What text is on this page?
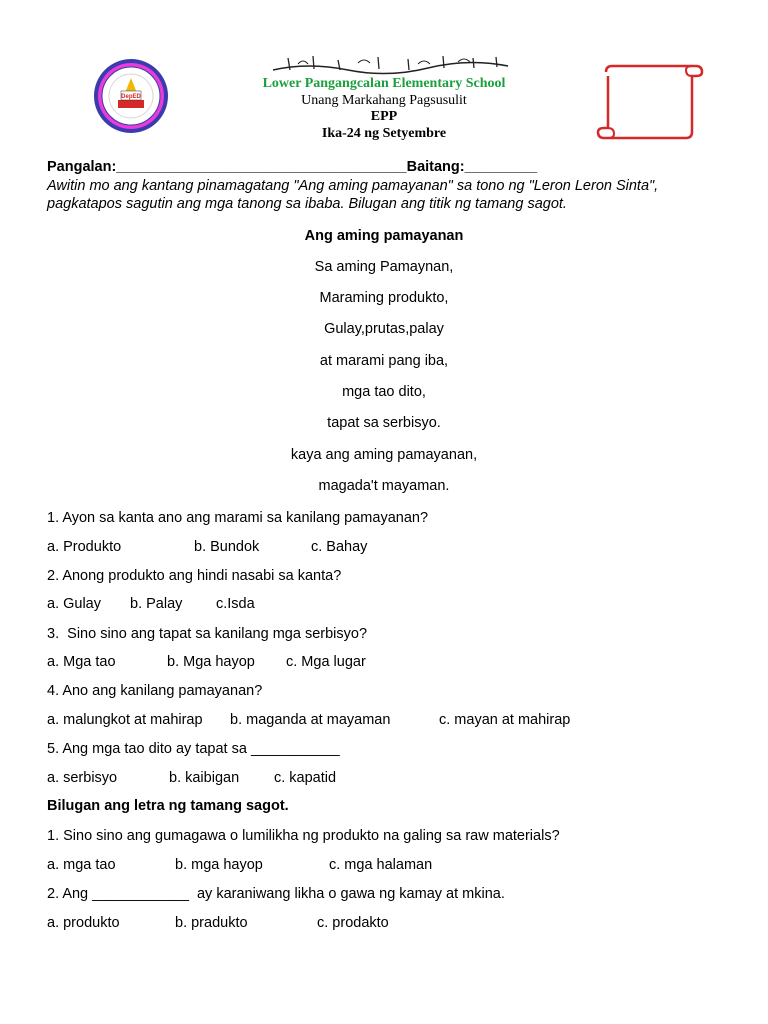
DepED
Lower Pangangcalan Elementary School
Unang Markahang Pagsusulit
EPP
Ika-24 ng Setyembre
Pangalan:____________________________________Baitang:_________
Awitin mo ang kantang pinamagatang "Ang aming pamayanan" sa tono ng "Leron Leron Sinta",
pagkatapos sagutin ang mga tanong sa ibaba. Bilugan ang titik ng tamang sagot.
Ang aming pamayanan
Sa aming Pamaynan,
Maraming produkto,
Gulay,prutas,palay
at marami pang iba,
mga tao dito,
tapat sa serbisyo.
kaya ang aming pamayanan,
magada't mayaman.
1. Ayon sa kanta ano ang marami sa kanilang pamayanan?
a. Produkto	b. Bundok	c. Bahay
2. Anong produkto ang hindi nasabi sa kanta?
a. Gulay b. Palay c.Isda
3.  Sino sino ang tapat sa kanilang mga serbisyo?
a. Mga tao	b. Mga hayop c. Mga lugar
4. Ano ang kanilang pamayanan?
a. malungkot at mahirap b. maganda at mayaman	c. mayan at mahirap
5. Ang mga tao dito ay tapat sa ___________
a. serbisyo	b. kaibigan c. kapatid
Bilugan ang letra ng tamang sagot.
1. Sino sino ang gumagawa o lumilikha ng produkto na galing sa raw materials?
a. mga tao	b. mga hayop	c. mga halaman
2. Ang ____________  ay karaniwang likha o gawa ng kamay at mkina.
a. produkto	b. pradukto	c. prodakto
